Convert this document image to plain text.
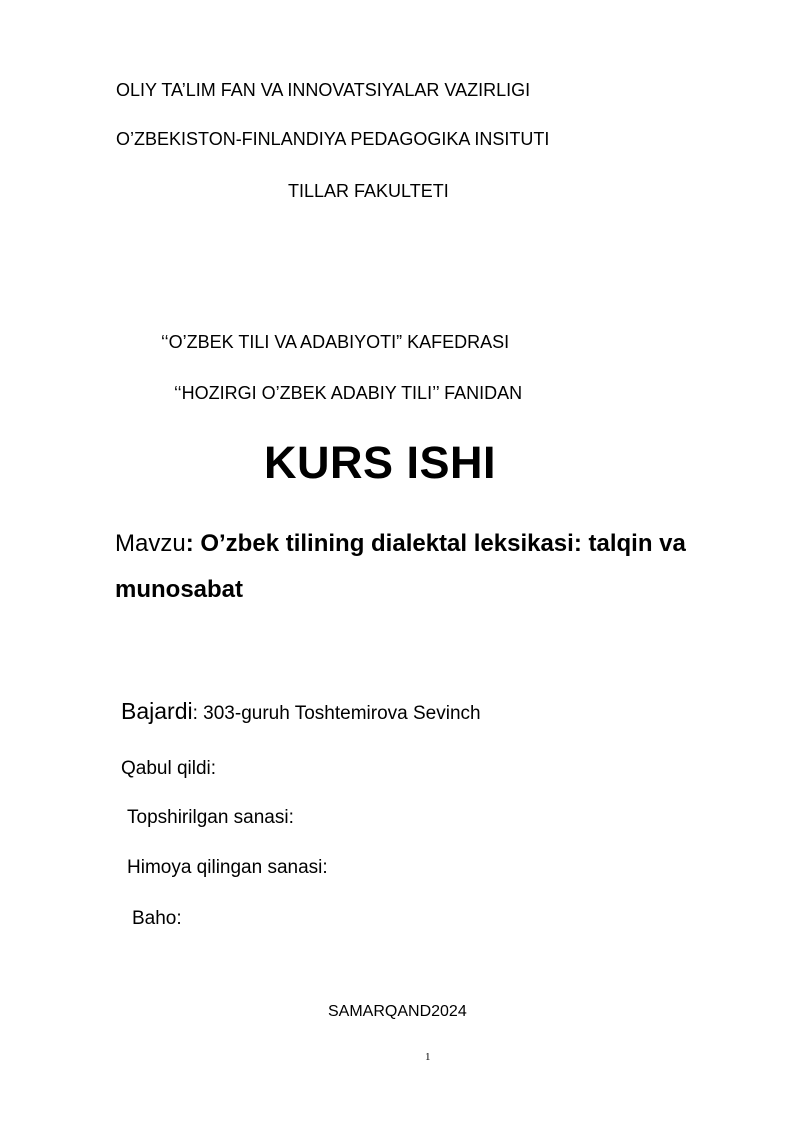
OLIY TA’LIM FAN VA INNOVATSIYALAR VAZIRLIGI
O’ZBEKISTON-FINLANDIYA PEDAGOGIKA INSITUTI
TILLAR FAKULTETI
‘‘O’ZBEK TILI VA ADABIYOTI” KAFEDRASI
‘‘HOZIRGI O’ZBEK ADABIY TILI’’ FANIDAN
KURS ISHI
Mavzu: O’zbek tilining dialektal leksikasi: talqin va
munosabat
Bajardi: 303-guruh Toshtemirova Sevinch
Qabul qildi:
Topshirilgan sanasi:
Himoya qilingan sanasi:
Baho:
SAMARQAND2024
1
